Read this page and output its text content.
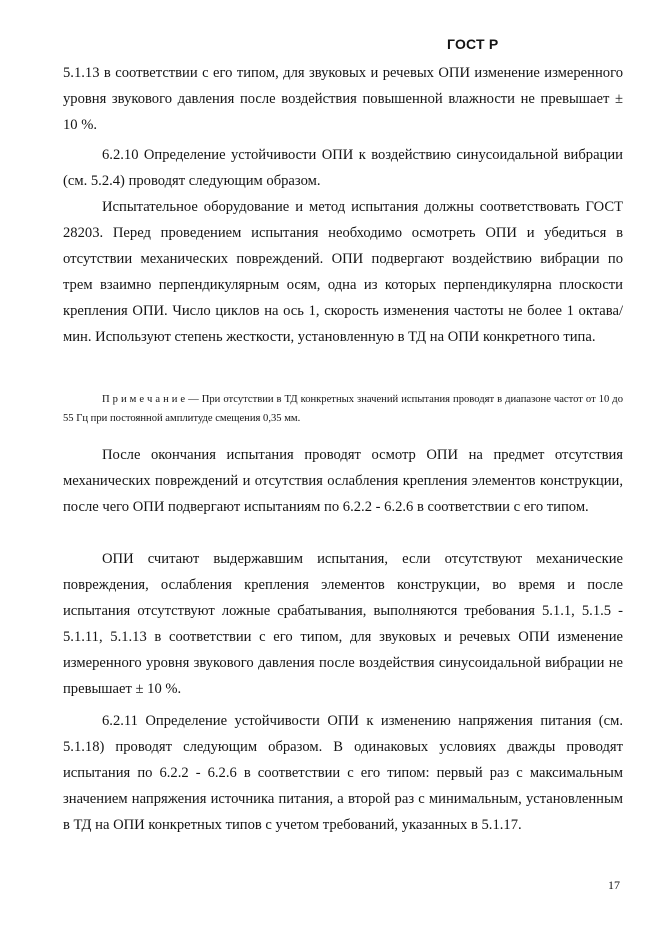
ГОСТ Р
5.1.13 в соответствии с его типом, для звуковых и речевых ОПИ изменение измеренного уровня звукового давления после воздействия повышенной влажности не превышает ± 10 %.
6.2.10 Определение устойчивости ОПИ к воздействию синусоидальной вибрации (см. 5.2.4) проводят следующим образом.
Испытательное оборудование и метод испытания должны соответствовать ГОСТ 28203. Перед проведением испытания необходимо осмотреть ОПИ и убедиться в отсутствии механических повреждений. ОПИ подвергают воздействию вибрации по трем взаимно перпендикулярным осям, одна из которых перпендикулярна плоскости крепления ОПИ. Число циклов на ось 1, скорость изменения частоты не более 1 октава/мин. Используют степень жесткости, установленную в ТД на ОПИ конкретного типа.
П р и м е ч а н и е — При отсутствии в ТД конкретных значений испытания проводят в диапазоне частот от 10 до 55 Гц при постоянной амплитуде смещения 0,35 мм.
После окончания испытания проводят осмотр ОПИ на предмет отсутствия механических повреждений и отсутствия ослабления крепления элементов конструкции, после чего ОПИ подвергают испытаниям по 6.2.2 - 6.2.6 в соответствии с его типом.
ОПИ считают выдержавшим испытания, если отсутствуют механические повреждения, ослабления крепления элементов конструкции, во время и после испытания отсутствуют ложные срабатывания, выполняются требования 5.1.1, 5.1.5 - 5.1.11, 5.1.13 в соответствии с его типом, для звуковых и речевых ОПИ изменение измеренного уровня звукового давления после воздействия синусоидальной вибрации не превышает ± 10 %.
6.2.11 Определение устойчивости ОПИ к изменению напряжения питания (см. 5.1.18) проводят следующим образом. В одинаковых условиях дважды проводят испытания по 6.2.2 - 6.2.6 в соответствии с его типом: первый раз с максимальным значением напряжения источника питания, а второй раз с минимальным, установленным в ТД на ОПИ конкретных типов с учетом требований, указанных в 5.1.17.
17
